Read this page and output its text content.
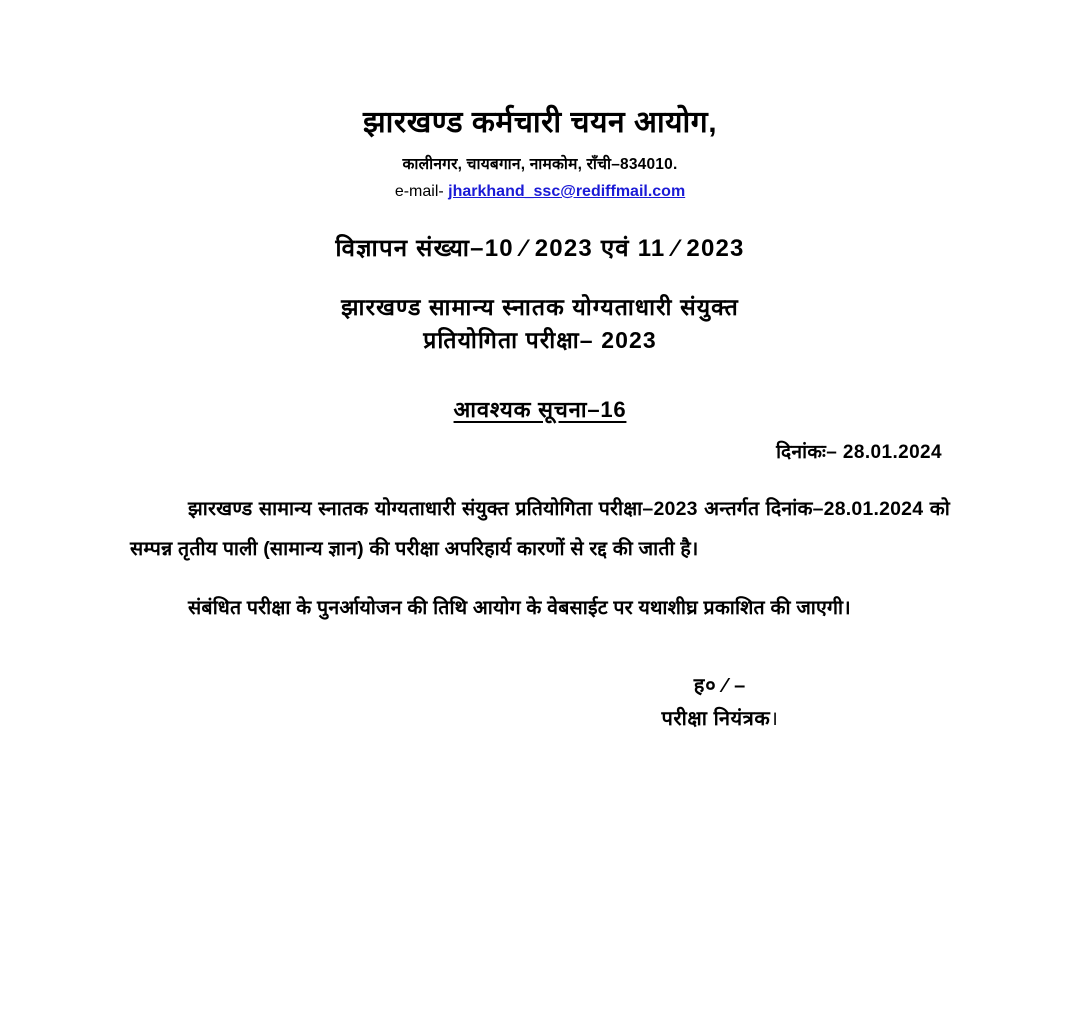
झारखण्ड कर्मचारी चयन आयोग,
कालीनगर, चायबगान, नामकोम, राँची–834010.
e-mail- jharkhand_ssc@rediffmail.com
विज्ञापन संख्या–10 ⁄ 2023 एवं 11 ⁄ 2023
झारखण्ड सामान्य स्नातक योग्यताधारी संयुक्त
प्रतियोगिता परीक्षा– 2023
आवश्यक सूचना–16
दिनांकः– 28.01.2024

झारखण्ड सामान्य स्नातक योग्यताधारी संयुक्त प्रतियोगिता परीक्षा–2023 अन्तर्गत दिनांक–28.01.2024 को सम्पन्न तृतीय पाली (सामान्य ज्ञान) की परीक्षा अपरिहार्य कारणों से रद्द की जाती है।

संबंधित परीक्षा के पुनर्आयोजन की तिथि आयोग के वेबसाईट पर यथाशीघ्र प्रकाशित की जाएगी।

ह० ⁄ –
परीक्षा नियंत्रक।
